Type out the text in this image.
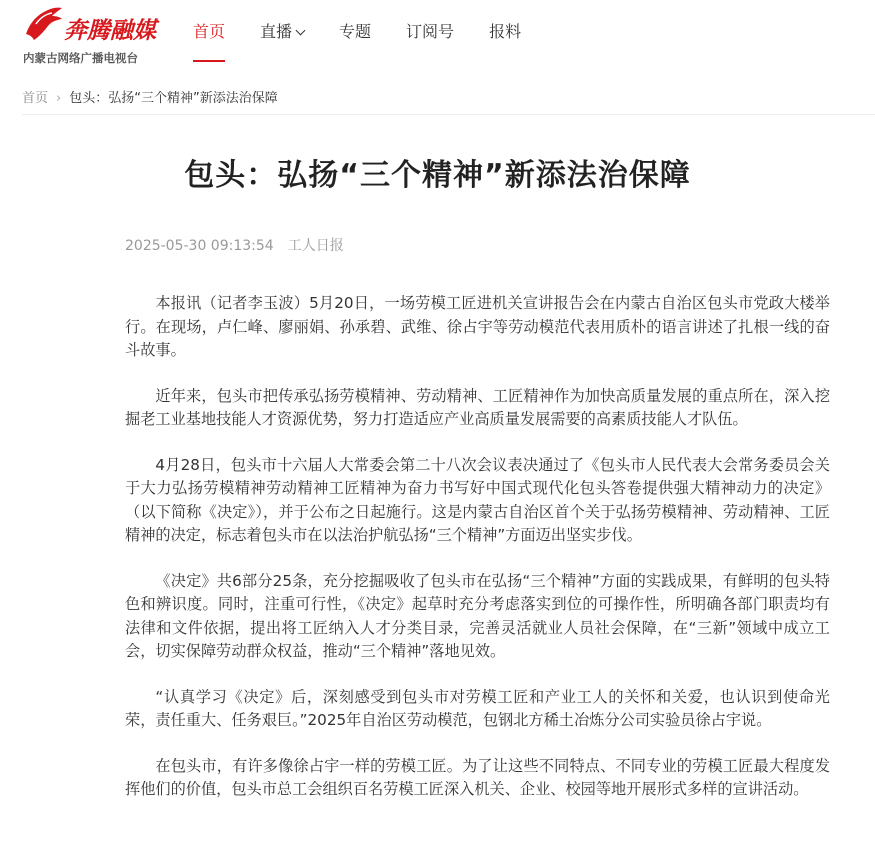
奔腾融媒
内蒙古网络广播电视台
首页 直播	专题 订阅号 报料
首页 › 包头：弘扬“三个精神”新添法治保障
包头：弘扬“三个精神”新添法治保障
2025-05-30 09:13:54 工人日报

本报讯（记者李玉波）5月20日，一场劳模工匠进机关宣讲报告会在内蒙古自治区包头市党政大楼举行。在现场，卢仁峰、廖丽娟、孙承碧、武维、徐占宇等劳动模范代表用质朴的语言讲述了扎根一线的奋斗故事。

近年来，包头市把传承弘扬劳模精神、劳动精神、工匠精神作为加快高质量发展的重点所在，深入挖掘老工业基地技能人才资源优势，努力打造适应产业高质量发展需要的高素质技能人才队伍。

4月28日，包头市十六届人大常委会第二十八次会议表决通过了《包头市人民代表大会常务委员会关于大力弘扬劳模精神劳动精神工匠精神为奋力书写好中国式现代化包头答卷提供强大精神动力的决定》（以下简称《决定》），并于公布之日起施行。这是内蒙古自治区首个关于弘扬劳模精神、劳动精神、工匠精神的决定，标志着包头市在以法治护航弘扬“三个精神”方面迈出坚实步伐。

《决定》共6部分25条，充分挖掘吸收了包头市在弘扬“三个精神”方面的实践成果，有鲜明的包头特色和辨识度。同时，注重可行性，《决定》起草时充分考虑落实到位的可操作性，所明确各部门职责均有法律和文件依据，提出将工匠纳入人才分类目录，完善灵活就业人员社会保障，在“三新”领域中成立工会，切实保障劳动群众权益，推动“三个精神”落地见效。

“认真学习《决定》后，深刻感受到包头市对劳模工匠和产业工人的关怀和关爱，也认识到使命光荣，责任重大、任务艰巨。”2025年自治区劳动模范，包钢北方稀土冶炼分公司实验员徐占宇说。

在包头市，有许多像徐占宇一样的劳模工匠。为了让这些不同特点、不同专业的劳模工匠最大程度发挥他们的价值，包头市总工会组织百名劳模工匠深入机关、企业、校园等地开展形式多样的宣讲活动。
